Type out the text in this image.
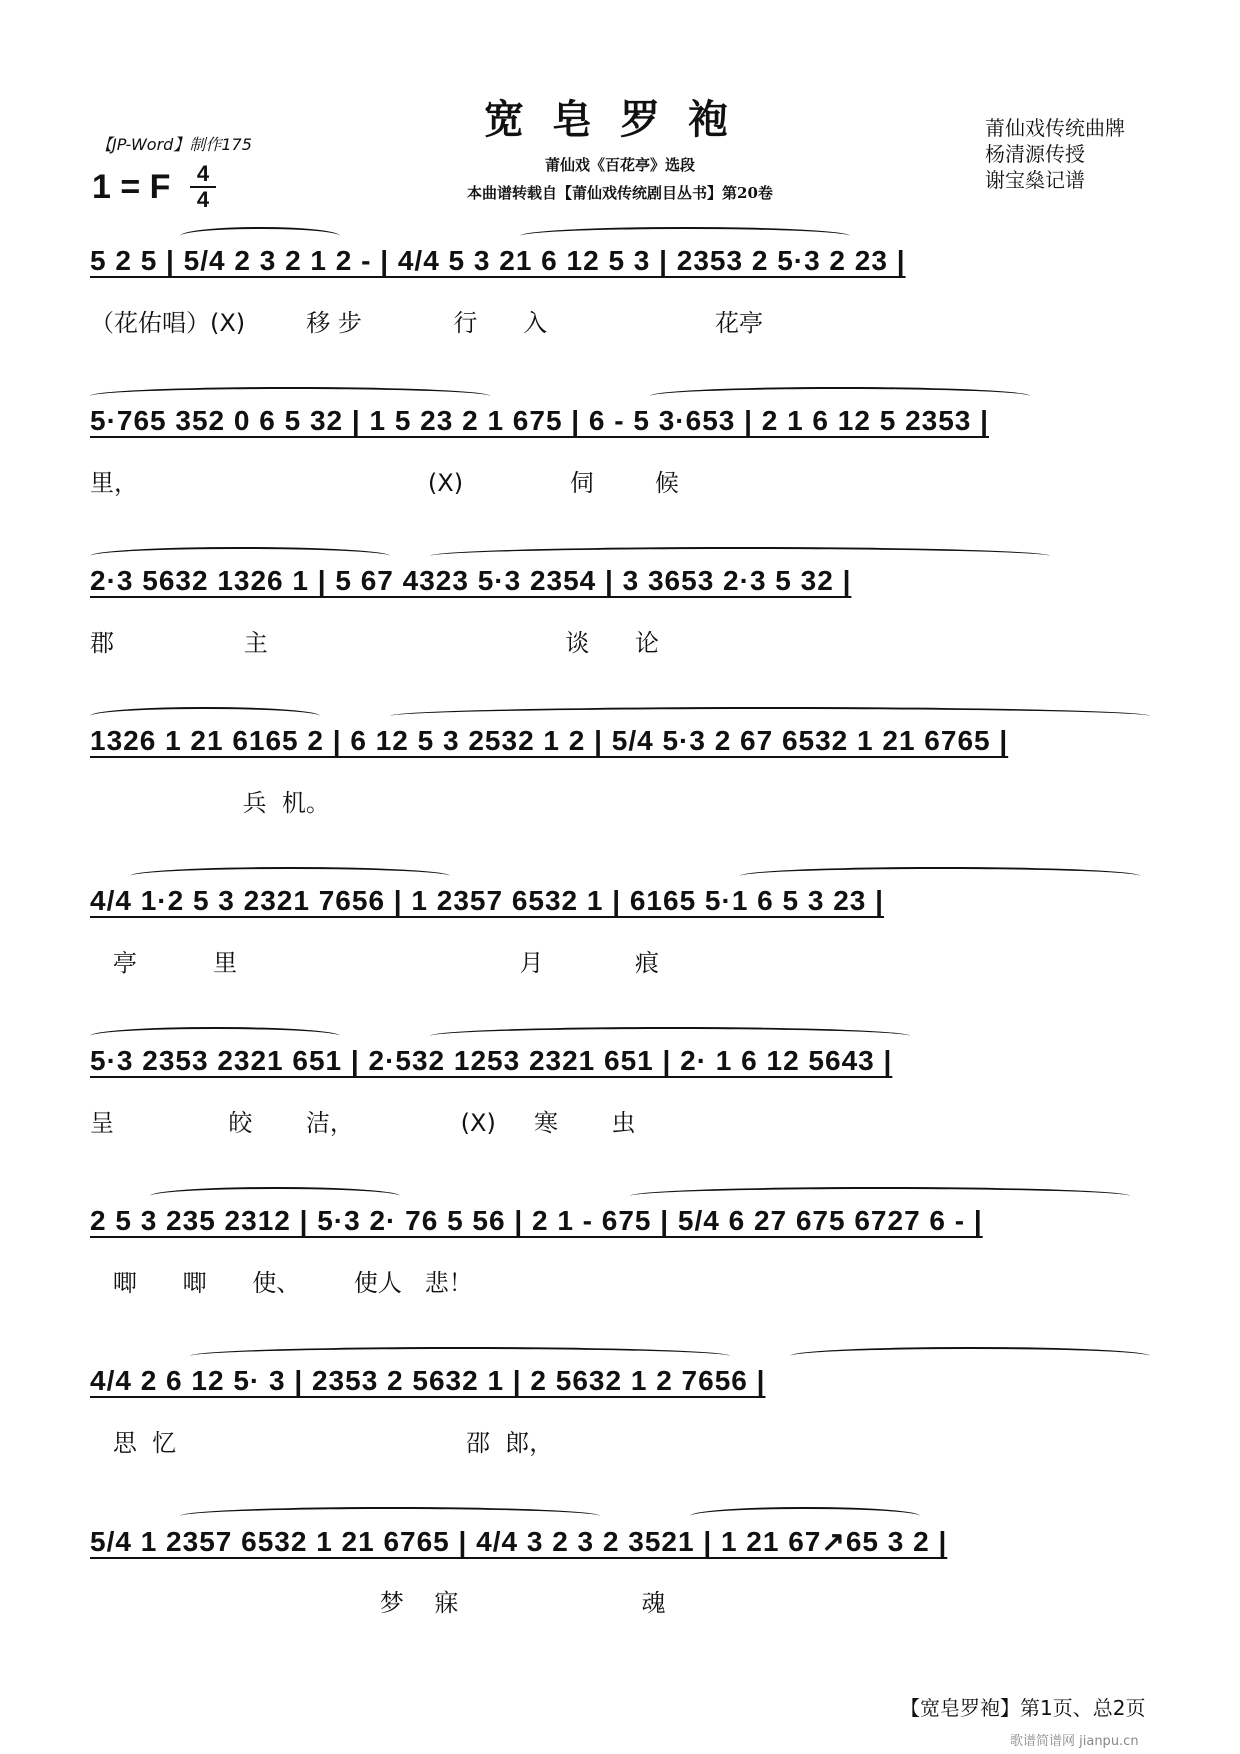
【JP-Word】制作175
宽皂罗袍
莆仙戏《百花亭》选段
本曲谱转载自【莆仙戏传统剧目丛书】第20卷
莆仙戏传统曲牌
杨清源传授
谢宝燊记谱
1 = F $\frac{4}{4}$
5 2 5 | 5/4 2 3 2 1 2 - | 4/4 5 3 21 6 12 5 3 | 2353 2 5·3 2 23 |
（花佑唱）(X)        移 步            行      入                      花亭
5·765 352 0 6 5 32 | 1 5 23 2 1 675 | 6 - 5 3·653 | 2 1 6 12 5 2353 |
里，                                      (X)              伺        候
2·3 5632 1326 1 | 5 67 4323 5·3 2354 | 3 3653 2·3 5 32 |
郡                 主                                       谈      论
1326 1 21 6165 2 | 6 12 5 3 2532 1 2 | 5/4 5·3 2 67 6532 1 21 6765 |
兵  机。
4/4 1·2 5 3 2321 7656 | 1 2357 6532 1 | 6165 5·1 6 5 3 23 |
亭          里                                     月            痕
5·3 2353 2321 651 | 2·532 1253 2321 651 | 2· 1 6 12 5643 |
呈               皎       洁，              (X)     寒       虫
2 5 3 235 2312 | 5·3 2· 76 5 56 | 2 1 - 675 | 5/4 6 27 675 6727 6 - |
唧      唧      使、       使人   悲！
4/4 2 6 12 5· 3 | 2353 2 5632 1 | 2 5632 1 2 7656 |
思  忆                                      邵  郎，
5/4 1 2357 6532 1 21 6765 | 4/4 3 2 3 2 3521 | 1 21 67↗65 3 2 |
梦    寐                        魂
【宽皂罗袍】第1页、总2页
歌谱简谱网 jianpu.cn
